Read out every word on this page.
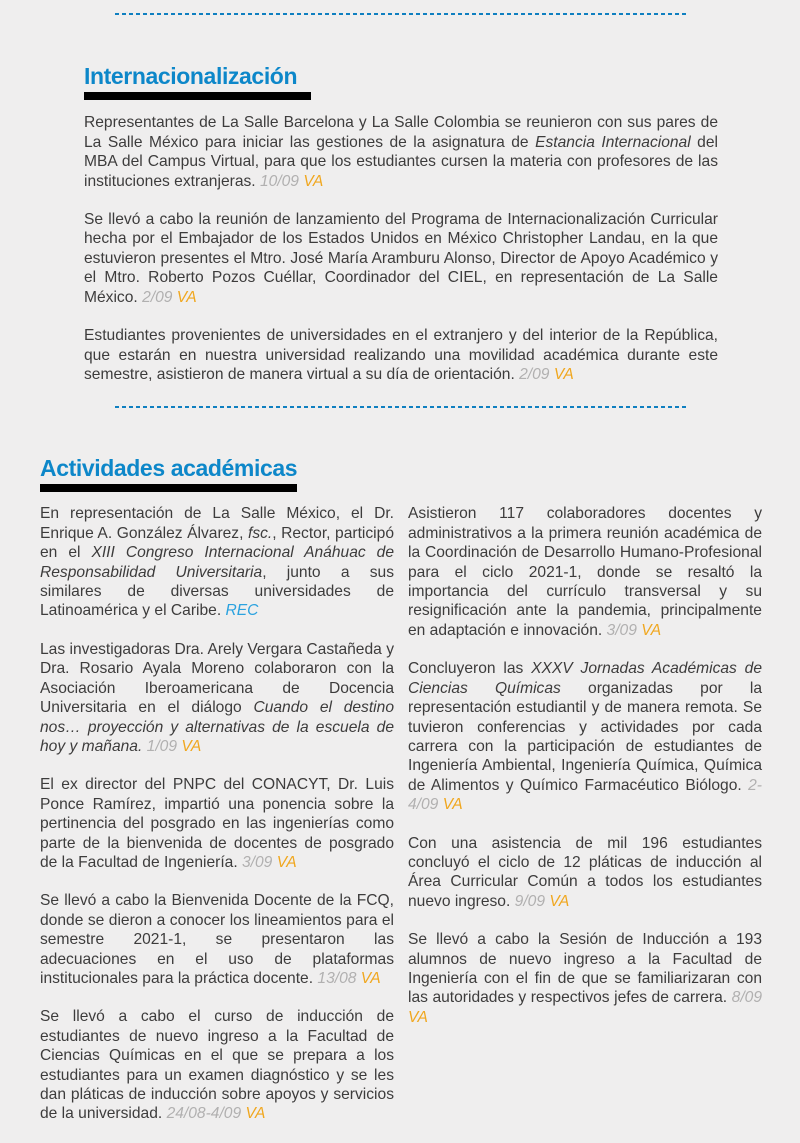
Internacionalización

Representantes de La Salle Barcelona y La Salle Colombia se reunieron con sus pares de La Salle México para iniciar las gestiones de la asignatura de Estancia Internacional del MBA del Campus Virtual, para que los estudiantes cursen la materia con profesores de las instituciones extranjeras. 10/09 VA

Se llevó a cabo la reunión de lanzamiento del Programa de Internacionalización Curricular hecha por el Embajador de los Estados Unidos en México Christopher Landau, en la que estuvieron presentes el Mtro. José María Aramburu Alonso, Director de Apoyo Académico y el Mtro. Roberto Pozos Cuéllar, Coordinador del CIEL, en representación de La Salle México. 2/09 VA

Estudiantes provenientes de universidades en el extranjero y del interior de la República, que estarán en nuestra universidad realizando una movilidad académica durante este semestre, asistieron de manera virtual a su día de orientación. 2/09 VA

Actividades académicas

En representación de La Salle México, el Dr. Enrique A. González Álvarez, fsc., Rector, participó en el XIII Congreso Internacional Anáhuac de Responsabilidad Universitaria, junto a sus similares de diversas universidades de Latinoamérica y el Caribe. REC

Las investigadoras Dra. Arely Vergara Castañeda y Dra. Rosario Ayala Moreno colaboraron con la Asociación Iberoamericana de Docencia Universitaria en el diálogo Cuando el destino nos… proyección y alternativas de la escuela de hoy y mañana. 1/09 VA

El ex director del PNPC del CONACYT, Dr. Luis Ponce Ramírez, impartió una ponencia sobre la pertinencia del posgrado en las ingenierías como parte de la bienvenida de docentes de posgrado de la Facultad de Ingeniería. 3/09 VA

Se llevó a cabo la Bienvenida Docente de la FCQ, donde se dieron a conocer los lineamientos para el semestre 2021-1, se presentaron las adecuaciones en el uso de plataformas institucionales para la práctica docente. 13/08 VA

Se llevó a cabo el curso de inducción de estudiantes de nuevo ingreso a la Facultad de Ciencias Químicas en el que se prepara a los estudiantes para un examen diagnóstico y se les dan pláticas de inducción sobre apoyos y servicios de la universidad. 24/08-4/09 VA

Asistieron 117 colaboradores docentes y administrativos a la primera reunión académica de la Coordinación de Desarrollo Humano-Profesional para el ciclo 2021-1, donde se resaltó la importancia del currículo transversal y su resignificación ante la pandemia, principalmente en adaptación e innovación. 3/09 VA

Concluyeron las XXXV Jornadas Académicas de Ciencias Químicas organizadas por la representación estudiantil y de manera remota. Se tuvieron conferencias y actividades por cada carrera con la participación de estudiantes de Ingeniería Ambiental, Ingeniería Química, Química de Alimentos y Químico Farmacéutico Biólogo. 2-4/09 VA

Con una asistencia de mil 196 estudiantes concluyó el ciclo de 12 pláticas de inducción al Área Curricular Común a todos los estudiantes nuevo ingreso. 9/09 VA

Se llevó a cabo la Sesión de Inducción a 193 alumnos de nuevo ingreso a la Facultad de Ingeniería con el fin de que se familiarizaran con las autoridades y respectivos jefes de carrera. 8/09 VA
